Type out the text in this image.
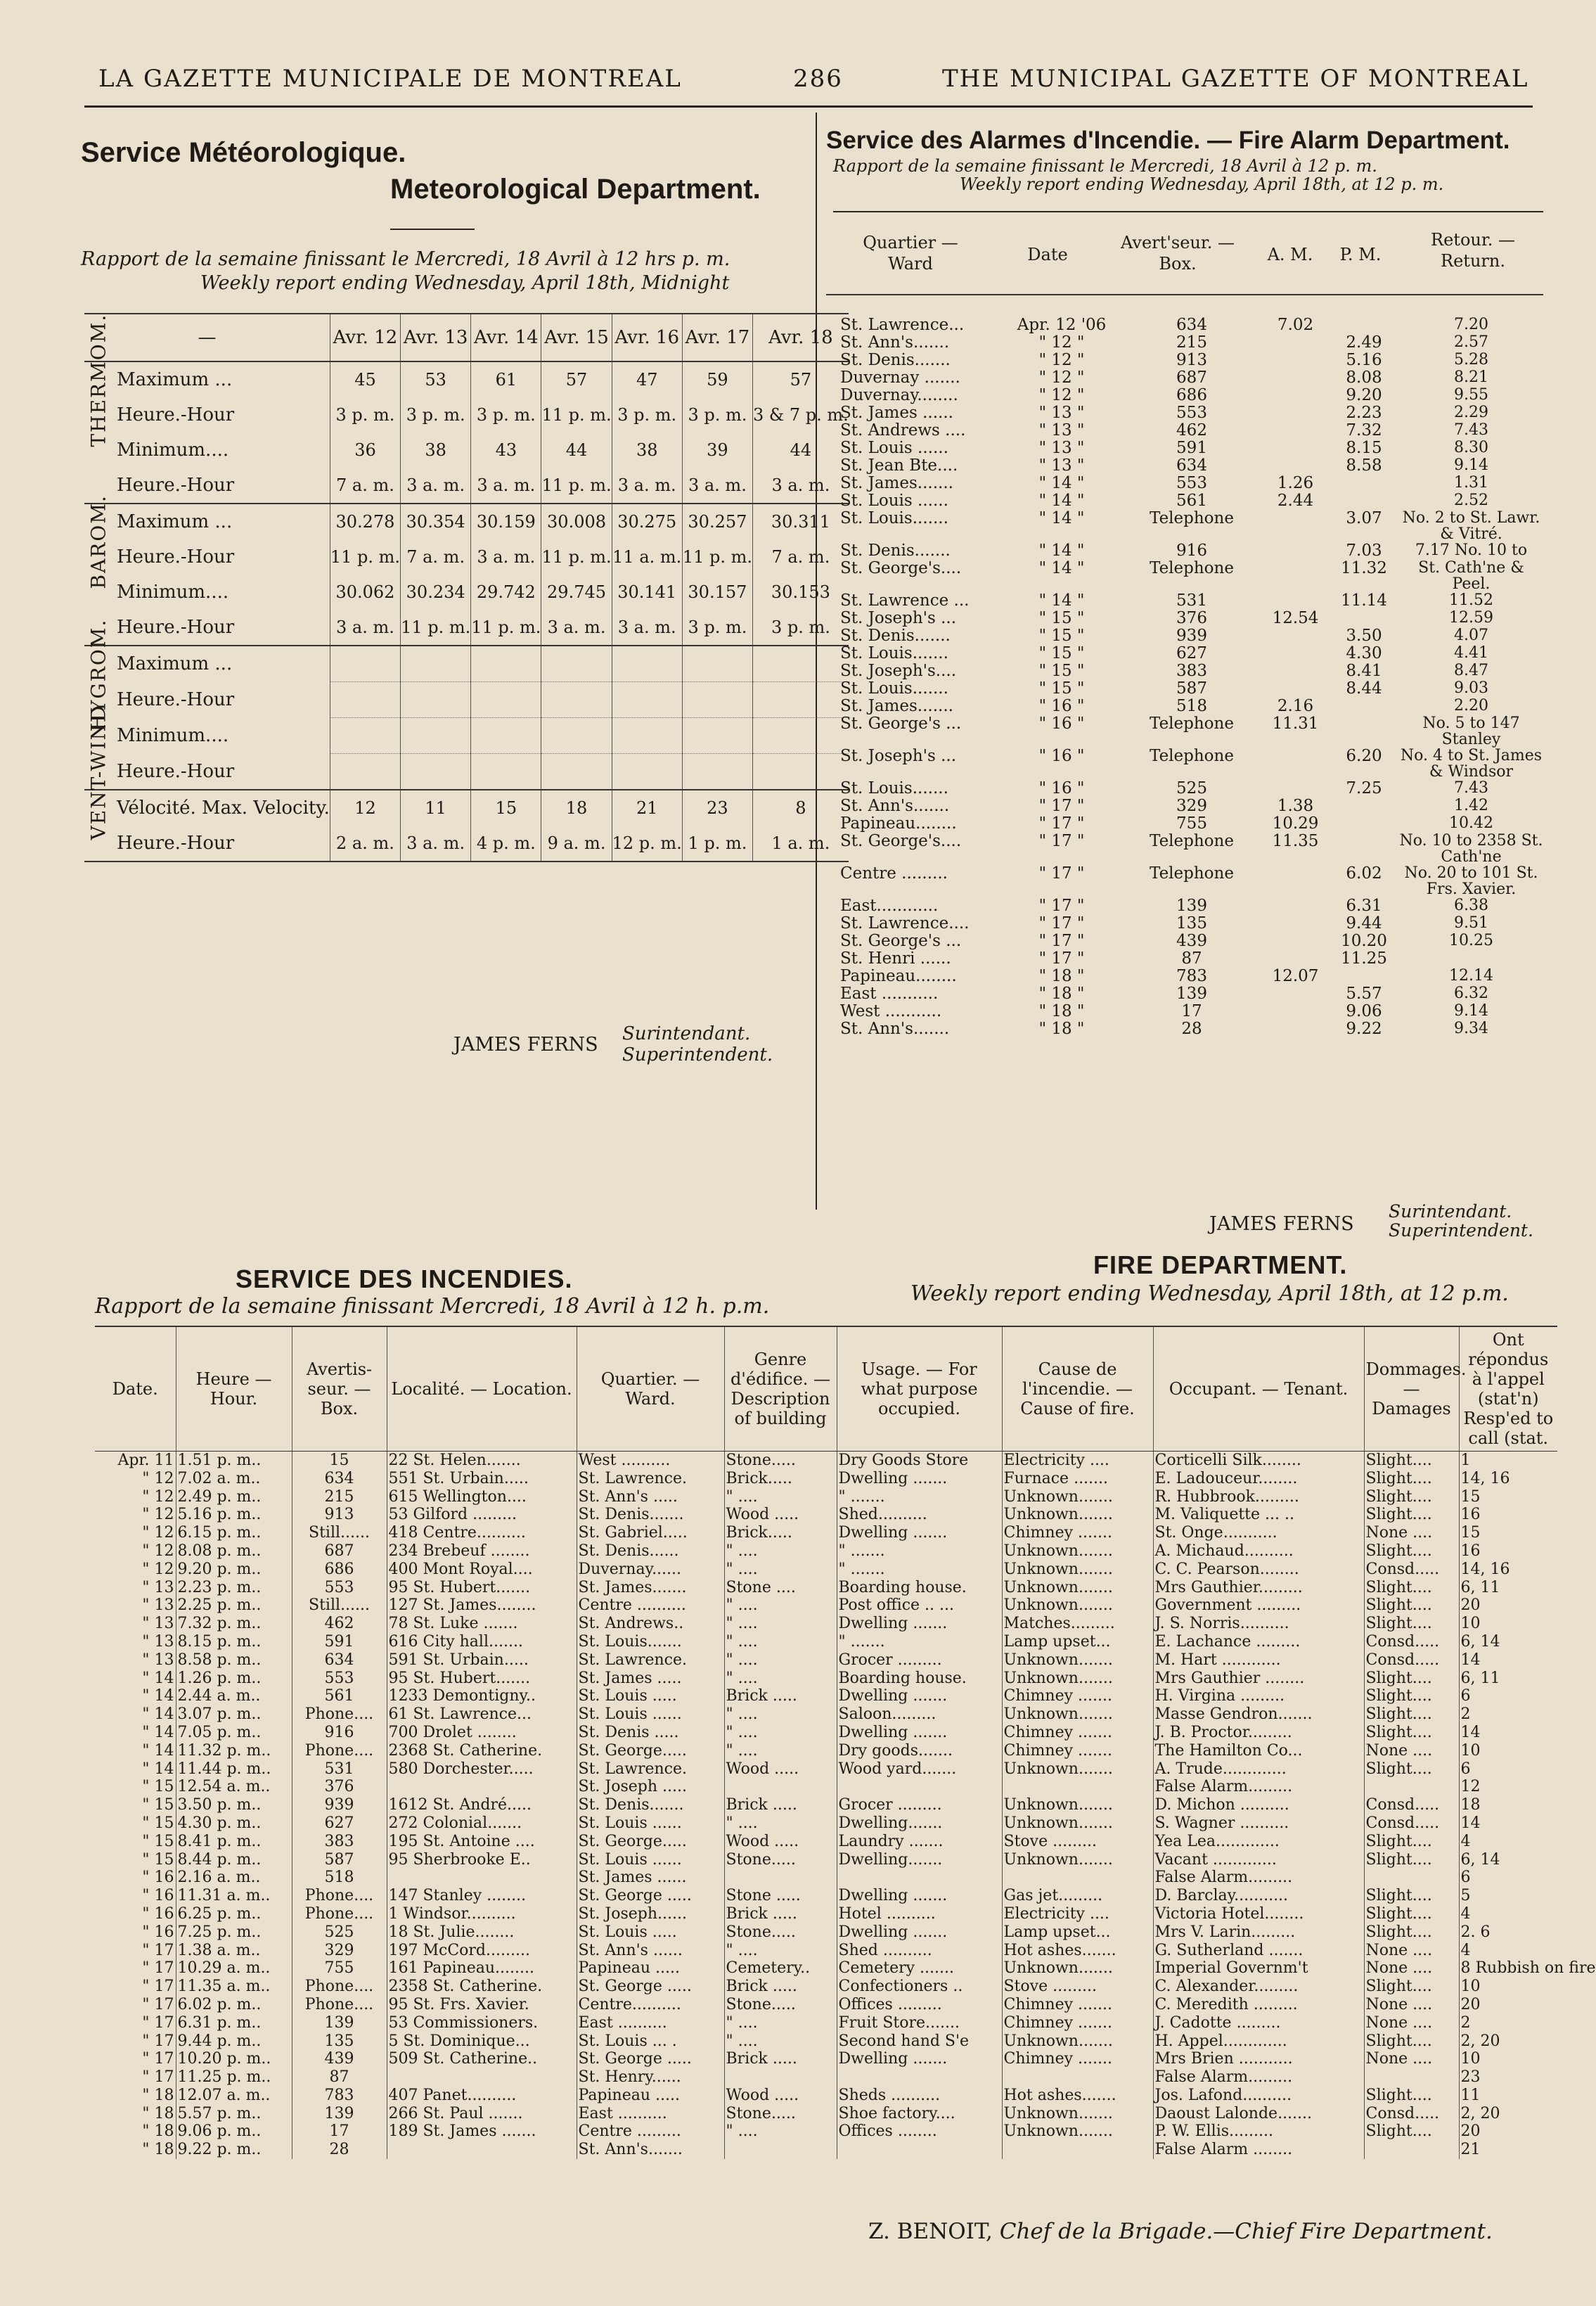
LA GAZETTE MUNICIPALE DE MONTREAL	286	THE MUNICIPAL GAZETTE OF MONTREAL
Service Météorologique.
Meteorological Department.
Rapport de la semaine finissant le Mercredi, 18 Avril à 12 hrs p. m.
Weekly report ending Wednesday, April 18th, Midnight
—		Avr. 12	Avr. 13	Avr. 14	Avr. 15	Avr. 16	Avr. 17	Avr. 18

THERMOM.	Maximum ...	45	53	61	57	47	59	57
	Heure.-Hour	3 p. m.	3 p. m.	3 p. m.	11 p. m.	3 p. m.	3 p. m.	3 & 7 p. m.
	Minimum....	36	38	43	44	38	39	44
	Heure.-Hour	7 a. m.	3 a. m.	3 a. m.	11 p. m.	3 a. m.	3 a. m.	3 a. m.

BAROM.	Maximum ...	30.278	30.354	30.159	30.008	30.275	30.257	30.311
	Heure.-Hour	11 p. m.	7 a. m.	3 a. m.	11 p. m.	11 a. m.	11 p. m.	7 a. m.
	Minimum....	30.062	30.234	29.742	29.745	30.141	30.157	30.153
	Heure.-Hour	3 a. m.	11 p. m.	11 p. m.	3 a. m.	3 a. m.	3 p. m.	3 p. m.

HYGROM.	Maximum ...							
	Heure.-Hour							
	Minimum....							
	Heure.-Hour							

VENT-WIND	Vélocité. Max. Velocity.	12	11	15	18	21	23	8
	Heure.-Hour	2 a. m.	3 a. m.	4 p. m.	9 a. m.	12 p. m.	1 p. m.	1 a. m.
JAMES FERNS Surintendant.
Superintendent.
Service des Alarmes d'Incendie. — Fire Alarm Department.
Rapport de la semaine finissant le Mercredi, 18 Avril à 12 p. m.
Weekly report ending Wednesday, April 18th, at 12 p. m.
Quartier — Ward	Date
Avert'seur. — Box.	A. M.	P. M.
Retour. — Return.
St. Lawrence...	Apr. 12 '06	634	7.02		7.20
St. Ann's.......	" 12 "	215		2.49	2.57
St. Denis.......	" 12 "	913		5.16	5.28
Duvernay .......	" 12 "	687		8.08	8.21
Duvernay........	" 12 "	686		9.20	9.55
St. James ......	" 13 "	553		2.23	2.29
St. Andrews ....	" 13 "	462		7.32	7.43
St. Louis ......	" 13 "	591		8.15	8.30
St. Jean Bte....	" 13 "	634		8.58	9.14
St. James.......	" 14 "	553	1.26		1.31
St. Louis ......	" 14 "	561	2.44		2.52
St. Louis.......	" 14 "	Telephone		3.07	No. 2 to St. Lawr. & Vitré.
St. Denis.......	" 14 "	916		7.03	7.17 No. 10 to
St. George's....	" 14 "	Telephone		11.32	St. Cath'ne & Peel.
St. Lawrence ...	" 14 "	531		11.14	11.52
St. Joseph's ...	" 15 "	376	12.54		12.59
St. Denis.......	" 15 "	939		3.50	4.07
St. Louis.......	" 15 "	627		4.30	4.41
St. Joseph's....	" 15 "	383		8.41	8.47
St. Louis.......	" 15 "	587		8.44	9.03
St. James.......	" 16 "	518	2.16		2.20
St. George's ...	" 16 "	Telephone	11.31		No. 5 to 147 Stanley
St. Joseph's ...	" 16 "	Telephone		6.20	No. 4 to St. James & Windsor
St. Louis.......	" 16 "	525		7.25	7.43
St. Ann's.......	" 17 "	329	1.38		1.42
Papineau........	" 17 "	755	10.29		10.42
St. George's....	" 17 "	Telephone	11.35		No. 10 to 2358 St. Cath'ne
Centre .........	" 17 "	Telephone		6.02	No. 20 to 101 St. Frs. Xavier.
East............	" 17 "	139		6.31	6.38
St. Lawrence....	" 17 "	135		9.44	9.51
St. George's ...	" 17 "	439		10.20	10.25
St. Henri ......	" 17 "	87		11.25	
Papineau........	" 18 "	783	12.07		12.14
East ...........	" 18 "	139		5.57	6.32
West ...........	" 18 "	17		9.06	9.14
St. Ann's.......	" 18 "	28		9.22	9.34
JAMES FERNS
Surintendant.
Superintendent.
SERVICE DES INCENDIES.	FIRE DEPARTMENT.
Rapport de la semaine finissant Mercredi, 18 Avril à 12 h. p.m.
Weekly report ending Wednesday, April 18th, at 12 p.m.
Date.	Heure — Hour.	Avertis-seur. — Box.	Localité. — Location.	Quartier. — Ward.	Genre d'édifice. — Description of building	Usage. — For what purpose occupied.	Cause de l'incendie. — Cause of fire.	Occupant. — Tenant.	Dommages. — Damages	Ont répondus à l'appel (stat'n) Resp'ed to call (stat.
Apr. 11	1.51 p. m..	15	22 St. Helen.......	West ..........	Stone.....	Dry Goods Store	Electricity ....	Corticelli Silk........	Slight....	1
" 12	7.02 a. m..	634	551 St. Urbain.....	St. Lawrence.	Brick.....	Dwelling .......	Furnace .......	E. Ladouceur........	Slight....	14, 16
" 12	2.49 p. m..	215	615 Wellington....	St. Ann's .....	" ....	" .......	Unknown.......	R. Hubbrook.........	Slight....	15
" 12	5.16 p. m..	913	53 Gilford .........	St. Denis.......	Wood .....	Shed..........	Unknown.......	M. Valiquette ... ..	Slight....	16
" 12	6.15 p. m..	Still......	418 Centre..........	St. Gabriel.....	Brick.....	Dwelling .......	Chimney .......	St. Onge...........	None ....	15
" 12	8.08 p. m..	687	234 Brebeuf ........	St. Denis......	" ....	" .......	Unknown.......	A. Michaud..........	Slight....	16
" 12	9.20 p. m..	686	400 Mont Royal....	Duvernay......	" ....	" .......	Unknown.......	C. C. Pearson........	Consd.....	14, 16
" 13	2.23 p. m..	553	95 St. Hubert.......	St. James.......	Stone ....	Boarding house.	Unknown.......	Mrs Gauthier.........	Slight....	6, 11
" 13	2.25 p. m..	Still......	127 St. James........	Centre ..........	" ....	Post office .. ...	Unknown.......	Government .........	Slight....	20
" 13	7.32 p. m..	462	78 St. Luke .......	St. Andrews..	" ....	Dwelling .......	Matches.........	J. S. Norris..........	Slight....	10
" 13	8.15 p. m..	591	616 City hall.......	St. Louis.......	" ....	" .......	Lamp upset...	E. Lachance .........	Consd.....	6, 14
" 13	8.58 p. m..	634	591 St. Urbain.....	St. Lawrence.	" ....	Grocer .........	Unknown.......	M. Hart ............	Consd.....	14
" 14	1.26 p. m..	553	95 St. Hubert.......	St. James .....	" ....	Boarding house.	Unknown.......	Mrs Gauthier ........	Slight....	6, 11
" 14	2.44 a. m..	561	1233 Demontigny..	St. Louis .....	Brick .....	Dwelling .......	Chimney .......	H. Virgina .........	Slight....	6
" 14	3.07 p. m..	Phone....	61 St. Lawrence...	St. Louis ......	" ....	Saloon.........	Unknown.......	Masse Gendron.......	Slight....	2
" 14	7.05 p. m..	916	700 Drolet ........	St. Denis .....	" ....	Dwelling .......	Chimney .......	J. B. Proctor.........	Slight....	14
" 14	11.32 p. m..	Phone....	2368 St. Catherine.	St. George.....	" ....	Dry goods.......	Chimney .......	The Hamilton Co...	None ....	10
" 14	11.44 p. m..	531	580 Dorchester.....	St. Lawrence.	Wood .....	Wood yard.......	Unknown.......	A. Trude.............	Slight....	6
" 15	12.54 a. m..	376		St. Joseph .....				False Alarm.........		12
" 15	3.50 p. m..	939	1612 St. André.....	St. Denis.......	Brick .....	Grocer .........	Unknown.......	D. Michon ..........	Consd.....	18
" 15	4.30 p. m..	627	272 Colonial.......	St. Louis ......	" ....	Dwelling.......	Unknown.......	S. Wagner ..........	Consd.....	14
" 15	8.41 p. m..	383	195 St. Antoine ....	St. George.....	Wood .....	Laundry .......	Stove .........	Yea Lea.............	Slight....	4
" 15	8.44 p. m..	587	95 Sherbrooke E..	St. Louis ......	Stone.....	Dwelling.......	Unknown.......	Vacant .............	Slight....	6, 14
" 16	2.16 a. m..	518		St. James ......				False Alarm.........		6
" 16	11.31 a. m..	Phone....	147 Stanley ........	St. George .....	Stone .....	Dwelling .......	Gas jet.........	D. Barclay...........	Slight....	5
" 16	6.25 p. m..	Phone....	1 Windsor..........	St. Joseph......	Brick .....	Hotel ..........	Electricity ....	Victoria Hotel........	Slight....	4
" 16	7.25 p. m..	525	18 St. Julie........	St. Louis .....	Stone.....	Dwelling .......	Lamp upset...	Mrs V. Larin.........	Slight....	2. 6
" 17	1.38 a. m..	329	197 McCord.........	St. Ann's ......	" ....	Shed ..........	Hot ashes.......	G. Sutherland .......	None ....	4
" 17	10.29 a. m..	755	161 Papineau........	Papineau .....	Cemetery..	Cemetery .......	Unknown.......	Imperial Governm't	None ....	8 Rubbish on fire
" 17	11.35 a. m..	Phone....	2358 St. Catherine.	St. George .....	Brick .....	Confectioners ..	Stove .........	C. Alexander.........	Slight....	10
" 17	6.02 p. m..	Phone....	95 St. Frs. Xavier.	Centre..........	Stone.....	Offices .........	Chimney .......	C. Meredith .........	None ....	20
" 17	6.31 p. m..	139	53 Commissioners.	East ..........	" ....	Fruit Store.......	Chimney .......	J. Cadotte .........	None ....	2
" 17	9.44 p. m..	135	5 St. Dominique...	St. Louis ... .	" ....	Second hand S'e	Unknown.......	H. Appel.............	Slight....	2, 20
" 17	10.20 p. m..	439	509 St. Catherine..	St. George .....	Brick .....	Dwelling .......	Chimney .......	Mrs Brien ...........	None ....	10
" 17	11.25 p. m..	87		St. Henry......				False Alarm.........		23
" 18	12.07 a. m..	783	407 Panet..........	Papineau .....	Wood .....	Sheds ..........	Hot ashes.......	Jos. Lafond..........	Slight....	11
" 18	5.57 p. m..	139	266 St. Paul .......	East ..........	Stone.....	Shoe factory....	Unknown.......	Daoust Lalonde.......	Consd.....	2, 20
" 18	9.06 p. m..	17	189 St. James .......	Centre .........	" ....	Offices ........	Unknown.......	P. W. Ellis.........	Slight....	20
" 18	9.22 p. m..	28		St. Ann's.......				False Alarm ........		21
Z. BENOIT, Chef de la Brigade.—Chief Fire Department.
